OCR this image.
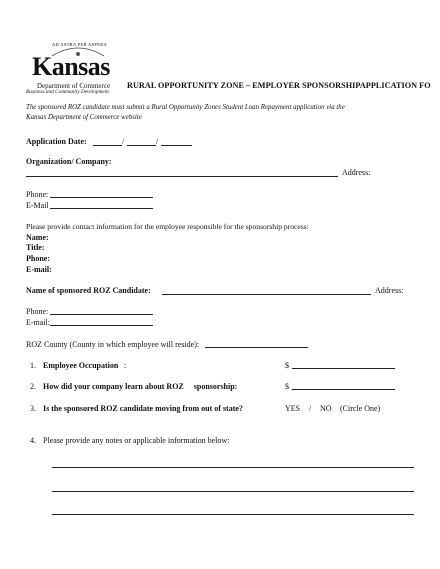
AD ASTRA PER ASPERA
Kansas
Department of Commerce
Business and Community Development
RURAL OPPORTUNITY ZONE – EMPLOYER SPONSORSHIPAPPLICATION FO
The sponsored ROZ candidate must submit a Rural Opportunity Zones Student Loan Repayment application via the
Kansas Department of Commerce website
Application Date:	/	/
Organization/ Company:
Address:
Phone:
E-Mail
Please provide contact information for the employee responsible for the sponsorship process:
Name:
Title:
Phone:
E-mail:
Name of sponsored ROZ Candidate:	Address:
Phone:
E-mail:
ROZ County (County in which employee will reside):
1. Employee Occupation :	$
2. How did your company learn about ROZ     sponsorship:	$
3. Is the sponsored ROZ candidate moving from out of state?	YES / NO (Circle One)
4. Please provide any notes or applicable information below:
